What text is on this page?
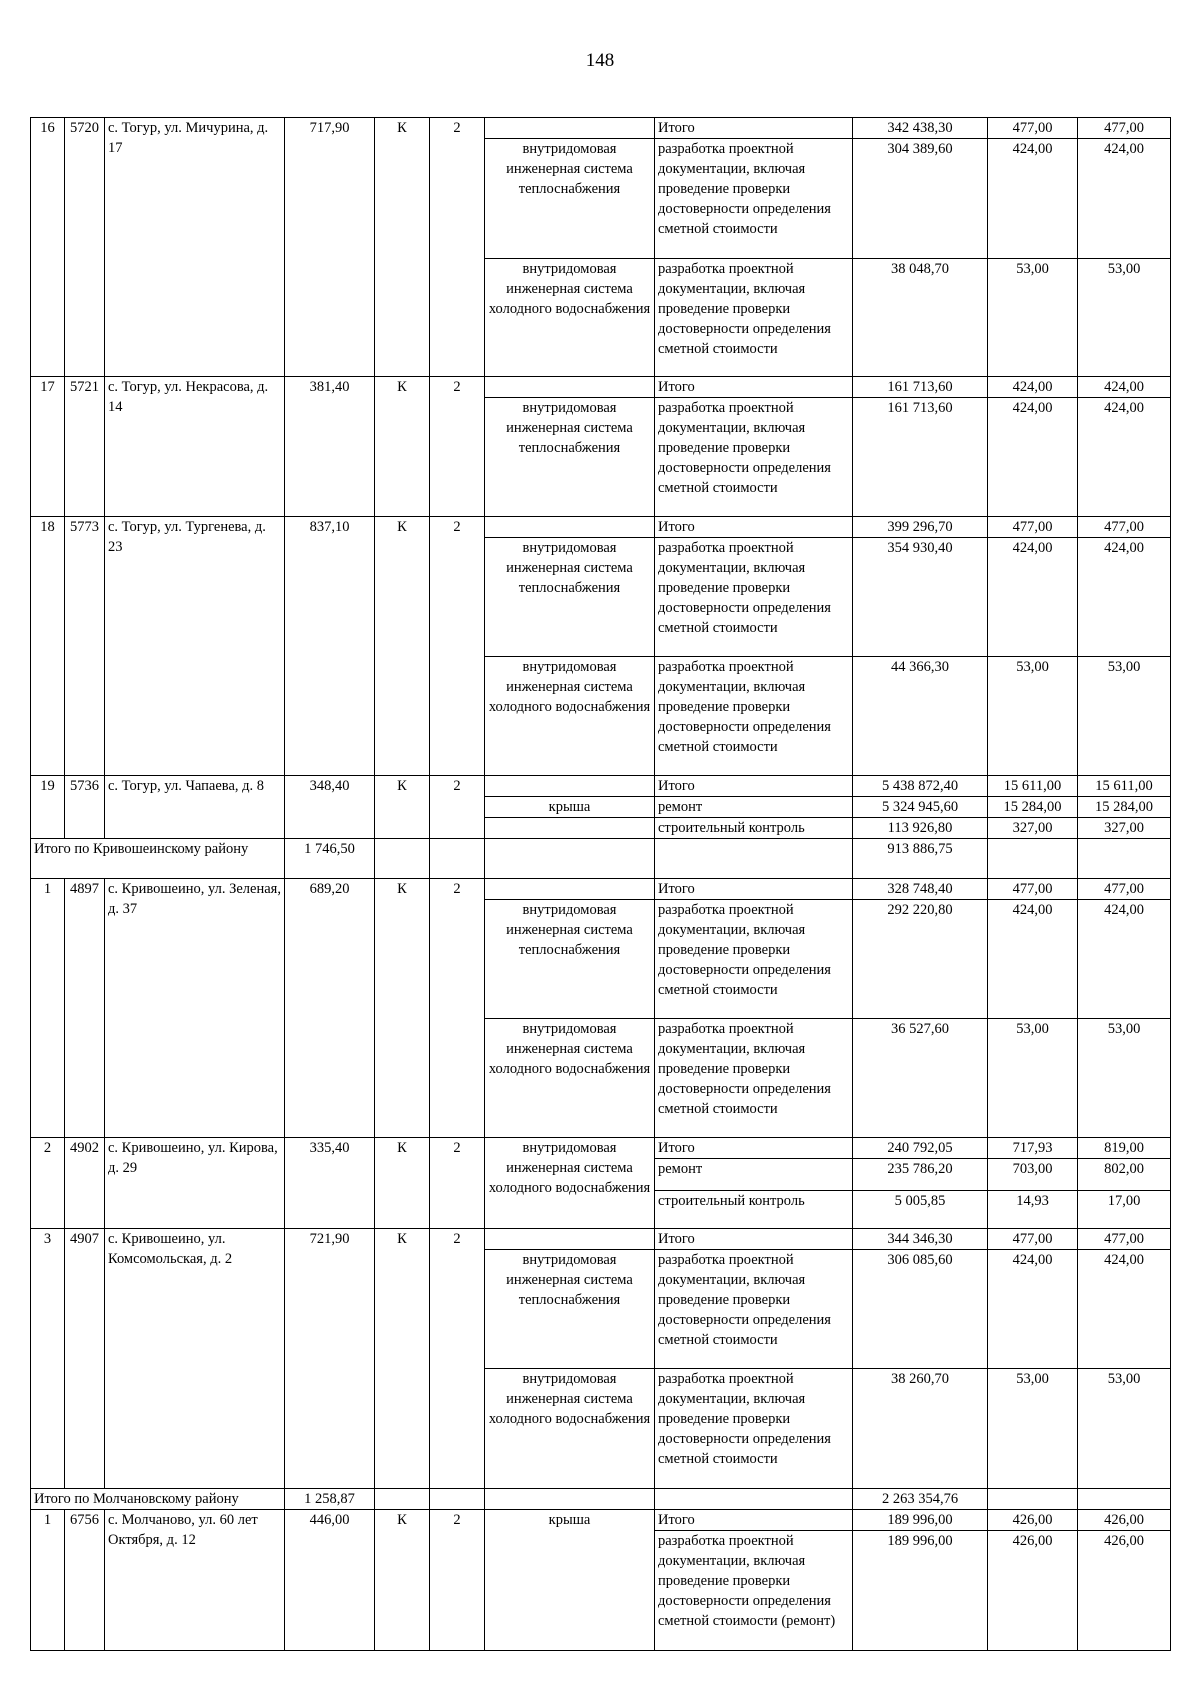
148
16	5720	с. Тогур, ул. Мичурина, д. 17	717,90	К	2		Итого	342 438,30	477,00	477,00
						внутридомовая инженерная система теплоснабжения	разработка проектной документации, включая проведение проверки достоверности определения сметной стоимости	304 389,60	424,00	424,00
						внутридомовая инженерная система холодного водоснабжения	разработка проектной документации, включая проведение проверки достоверности определения сметной стоимости	38 048,70	53,00	53,00
17	5721	с. Тогур, ул. Некрасова, д. 14	381,40	К	2		Итого	161 713,60	424,00	424,00
						внутридомовая инженерная система теплоснабжения	разработка проектной документации, включая проведение проверки достоверности определения сметной стоимости	161 713,60	424,00	424,00
18	5773	с. Тогур, ул. Тургенева, д. 23	837,10	К	2		Итого	399 296,70	477,00	477,00
						внутридомовая инженерная система теплоснабжения	разработка проектной документации, включая проведение проверки достоверности определения сметной стоимости	354 930,40	424,00	424,00
						внутридомовая инженерная система холодного водоснабжения	разработка проектной документации, включая проведение проверки достоверности определения сметной стоимости	44 366,30	53,00	53,00
19	5736	с. Тогур, ул. Чапаева, д. 8	348,40	К	2		Итого	5 438 872,40	15 611,00	15 611,00
						крыша	ремонт	5 324 945,60	15 284,00	15 284,00
							строительный контроль	113 926,80	327,00	327,00
Итого по Кривошеинскому району			1 746,50					913 886,75		
1	4897	с. Кривошеино, ул. Зеленая, д. 37	689,20	К	2		Итого	328 748,40	477,00	477,00
						внутридомовая инженерная система теплоснабжения	разработка проектной документации, включая проведение проверки достоверности определения сметной стоимости	292 220,80	424,00	424,00
						внутридомовая инженерная система холодного водоснабжения	разработка проектной документации, включая проведение проверки достоверности определения сметной стоимости	36 527,60	53,00	53,00
2	4902	с. Кривошеино, ул. Кирова, д. 29	335,40	К	2	внутридомовая инженерная система холодного водоснабжения	Итого	240 792,05	717,93	819,00
							ремонт	235 786,20	703,00	802,00
							строительный контроль	5 005,85	14,93	17,00
3	4907	с. Кривошеино, ул. Комсомольская, д. 2	721,90	К	2		Итого	344 346,30	477,00	477,00
						внутридомовая инженерная система теплоснабжения	разработка проектной документации, включая проведение проверки достоверности определения сметной стоимости	306 085,60	424,00	424,00
						внутридомовая инженерная система холодного водоснабжения	разработка проектной документации, включая проведение проверки достоверности определения сметной стоимости	38 260,70	53,00	53,00
Итого по Молчановскому району			1 258,87					2 263 354,76		
1	6756	с. Молчаново, ул. 60 лет Октября, д. 12	446,00	К	2	крыша	Итого	189 996,00	426,00	426,00
							разработка проектной документации, включая проведение проверки достоверности определения сметной стоимости (ремонт)	189 996,00	426,00	426,00
